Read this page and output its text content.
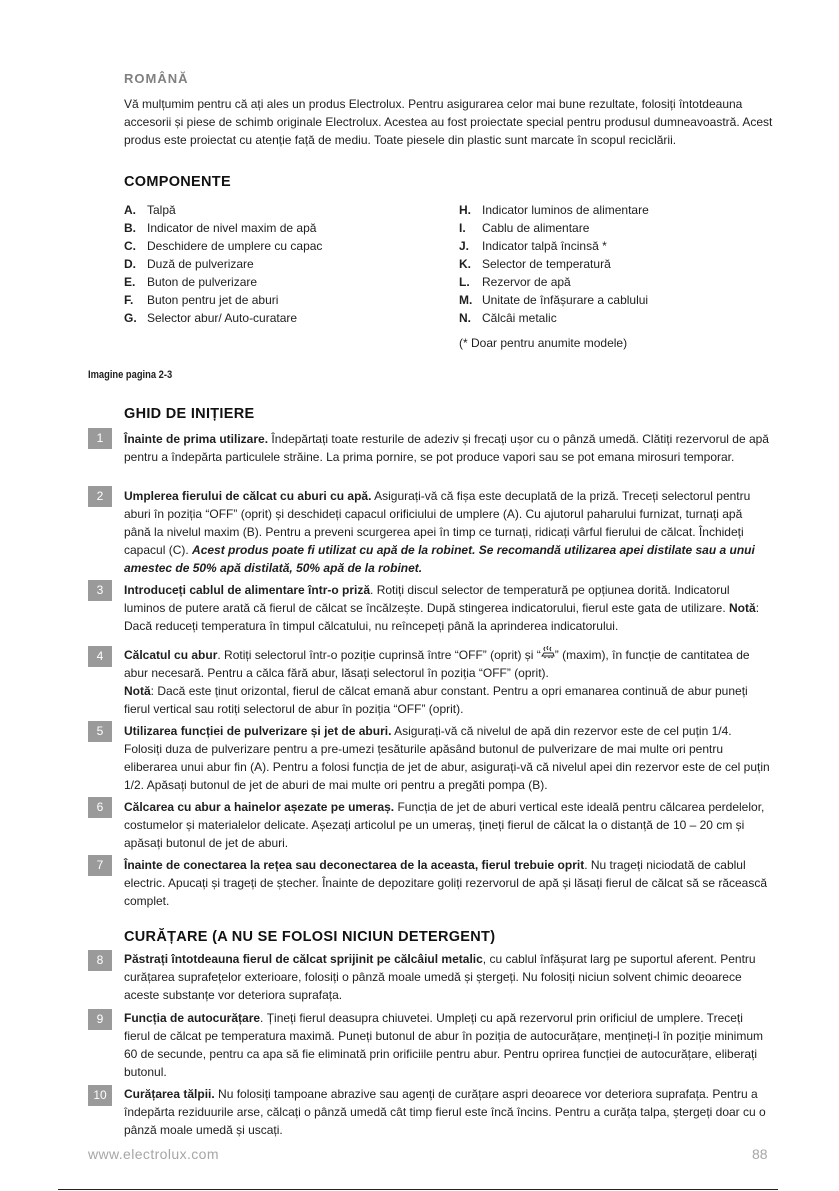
ROMÂNĂ
Vă mulțumim pentru că ați ales un produs Electrolux. Pentru asigurarea celor mai bune rezultate, folosiți întotdeauna accesorii și piese de schimb originale Electrolux. Acestea au fost proiectate special pentru produsul dumneavoastră. Acest produs este proiectat cu atenție față de mediu. Toate piesele din plastic sunt marcate în scopul reciclării.
COMPONENTE
A. Talpă
B. Indicator de nivel maxim de apă
C. Deschidere de umplere cu capac
D. Duză de pulverizare
E. Buton de pulverizare
F.	Buton pentru jet de aburi
G. Selector abur/ Auto-curatare
H. Indicator luminos de alimentare
I.	Cablu de alimentare
J.	Indicator talpă încinsă *
K. Selector de temperatură
L.	Rezervor de apă
M. Unitate de înfășurare a cablului
N. Călcâi metalic
(* Doar pentru anumite modele)
Imagine pagina 2-3
GHID DE INIȚIERE
1	Înainte de prima utilizare. Îndepărtați toate resturile de adeziv și frecați ușor cu o pânză umedă. Clătiți rezervorul de apă pentru a îndepărta particulele străine. La prima pornire, se pot produce vapori sau se pot emana mirosuri temporar.
2	Umplerea fierului de călcat cu aburi cu apă. Asigurați-vă că fișa este decuplată de la priză. Treceți selectorul pentru aburi în poziția “OFF” (oprit) și deschideți capacul orificiului de umplere (A). Cu ajutorul paharului furnizat, turnați apă până la nivelul maxim (B). Pentru a preveni scurgerea apei în timp ce turnați, ridicați vârful fierului de călcat. Închideți capacul (C). Acest produs poate fi utilizat cu apă de la robinet. Se recomandă utilizarea apei distilate sau a unui amestec de 50% apă distilată, 50% apă de la robinet.
3	Introduceți cablul de alimentare într-o priză. Rotiți discul selector de temperatură pe opțiunea dorită. Indicatorul luminos de putere arată că fierul de călcat se încălzește. După stingerea indicatorului, fierul este gata de utilizare. Notă: Dacă reduceți temperatura în timpul călcatului, nu reîncepeți până la aprinderea indicatorului.
4	Călcatul cu abur. Rotiți selectorul într-o poziție cuprinsă între “OFF” (oprit) și “ ” (maxim), în funcție de cantitatea de abur necesară. Pentru a călca fără abur, lăsați selectorul în poziția “OFF” (oprit).
Notă: Dacă este ținut orizontal, fierul de călcat emană abur constant. Pentru a opri emanarea continuă de abur puneți fierul vertical sau rotiți selectorul de abur în poziția “OFF” (oprit).
5	Utilizarea funcției de pulverizare și jet de aburi. Asigurați-vă că nivelul de apă din rezervor este de cel puțin 1/4. Folosiți duza de pulverizare pentru a pre-umezi țesăturile apăsând butonul de pulverizare de mai multe ori pentru eliberarea unui abur fin (A). Pentru a folosi funcția de jet de abur, asigurați-vă că nivelul apei din rezervor este de cel puțin 1/2. Apăsați butonul de jet de aburi de mai multe ori pentru a pregăti pompa (B).
6	Călcarea cu abur a hainelor așezate pe umeraș. Funcția de jet de aburi vertical este ideală pentru călcarea perdelelor, costumelor și materialelor delicate. Așezați articolul pe un umeraș, țineți fierul de călcat la o distanță de 10 – 20 cm și apăsați butonul de jet de aburi.
7	Înainte de conectarea la rețea sau deconectarea de la aceasta, fierul trebuie oprit. Nu trageți niciodată de cablul electric. Apucați și trageți de ștecher. Înainte de depozitare goliți rezervorul de apă și lăsați fierul de călcat să se răcească complet.
CURĂȚARE (A NU SE FOLOSI NICIUN DETERGENT)
8	Păstrați întotdeauna fierul de călcat sprijinit pe călcâiul metalic, cu cablul înfășurat larg pe suportul aferent. Pentru curățarea suprafețelor exterioare, folosiți o pânză moale umedă și ștergeți. Nu folosiți niciun solvent chimic deoarece aceste substanțe vor deteriora suprafața.
9	Funcția de autocurățare. Țineți fierul deasupra chiuvetei. Umpleți cu apă rezervorul prin orificiul de umplere. Treceți fierul de călcat pe temperatura maximă. Puneți butonul de abur în poziția de autocurățare, mențineți-l în poziție minimum 60 de secunde, pentru ca apa să fie eliminată prin orificiile pentru abur. Pentru oprirea funcției de autocurățare, eliberați butonul.
10	Curățarea tălpii. Nu folosiți tampoane abrazive sau agenți de curățare aspri deoarece vor deteriora suprafața. Pentru a îndepărta reziduurile arse, călcați o pânză umedă cât timp fierul este încă încins. Pentru a curăța talpa, ștergeți doar cu o pânză moale umedă și uscați.
www.electrolux.com	88
